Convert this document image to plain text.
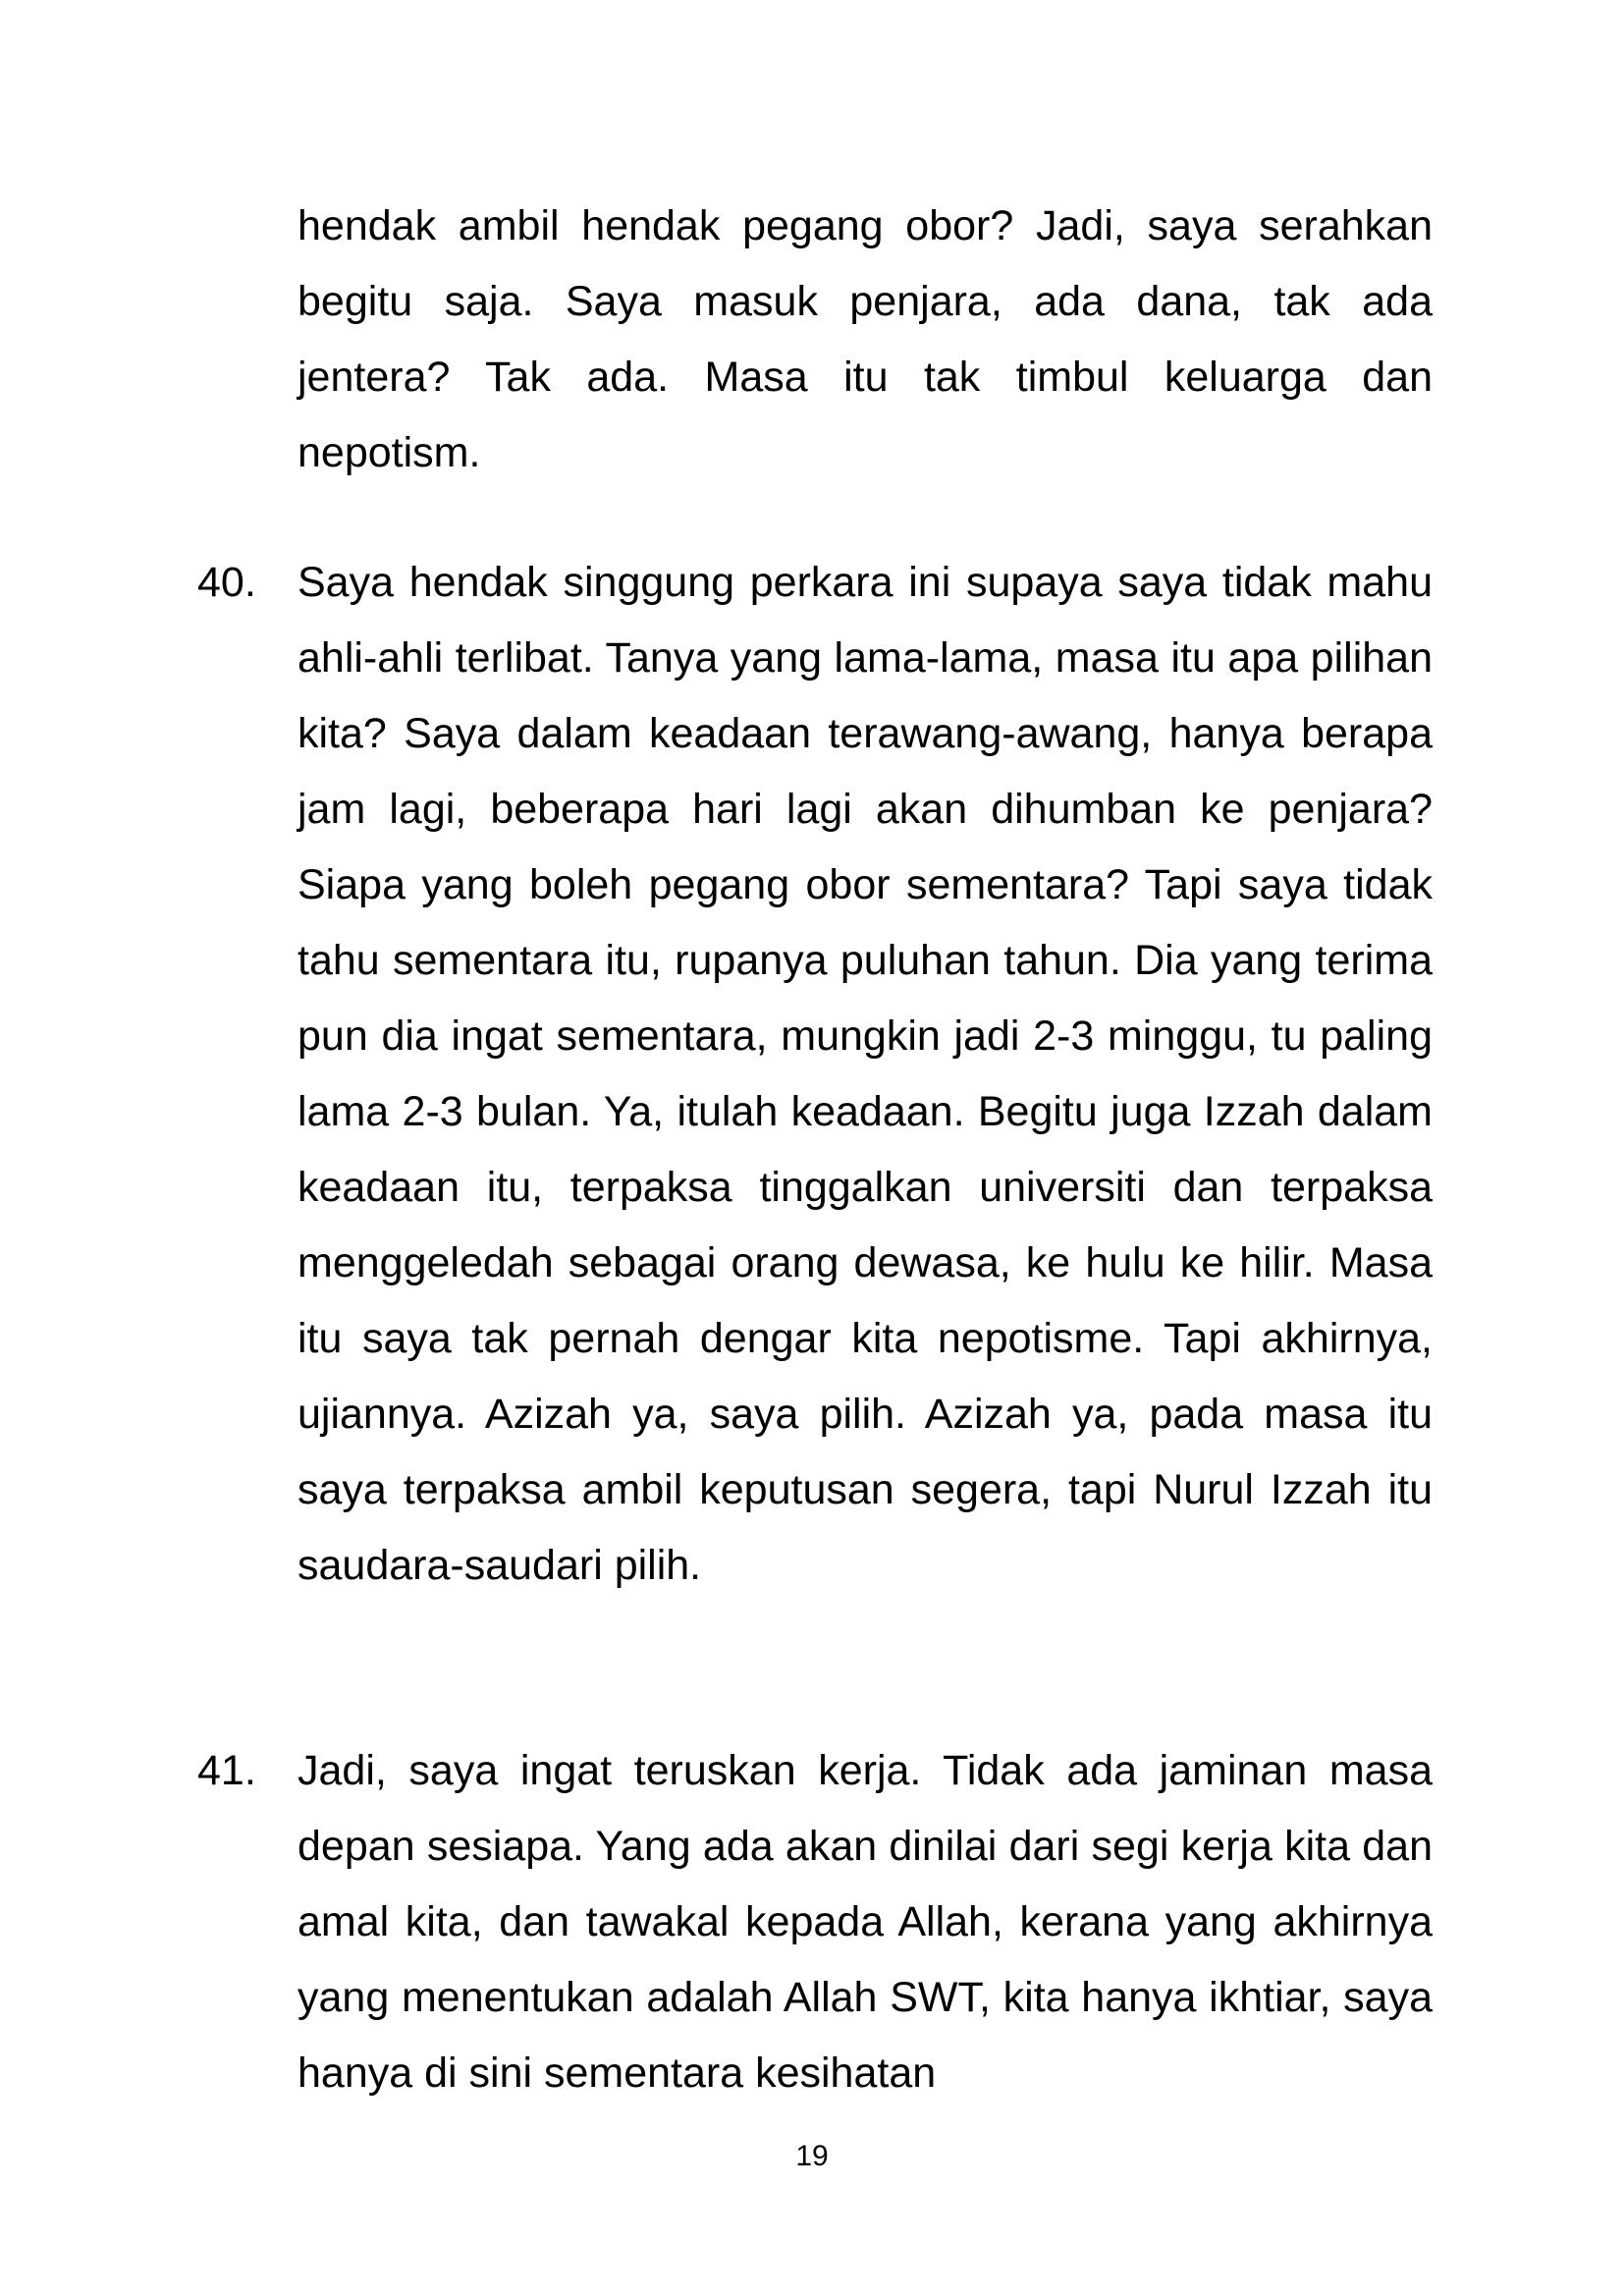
hendak ambil hendak pegang obor? Jadi, saya serahkan begitu saja. Saya masuk penjara, ada dana, tak ada jentera? Tak ada. Masa itu tak timbul keluarga dan nepotism.

40. Saya hendak singgung perkara ini supaya saya tidak mahu ahli-ahli terlibat. Tanya yang lama-lama, masa itu apa pilihan kita? Saya dalam keadaan terawang-awang, hanya berapa jam lagi, beberapa hari lagi akan dihumban ke penjara? Siapa yang boleh pegang obor sementara? Tapi saya tidak tahu sementara itu, rupanya puluhan tahun. Dia yang terima pun dia ingat sementara, mungkin jadi 2-3 minggu, tu paling lama 2-3 bulan. Ya, itulah keadaan. Begitu juga Izzah dalam keadaan itu, terpaksa tinggalkan universiti dan terpaksa menggeledah sebagai orang dewasa, ke hulu ke hilir. Masa itu saya tak pernah dengar kita nepotisme. Tapi akhirnya, ujiannya. Azizah ya, saya pilih. Azizah ya, pada masa itu saya terpaksa ambil keputusan segera, tapi Nurul Izzah itu saudara-saudari pilih.

41. Jadi, saya ingat teruskan kerja. Tidak ada jaminan masa depan sesiapa. Yang ada akan dinilai dari segi kerja kita dan amal kita, dan tawakal kepada Allah, kerana yang akhirnya yang menentukan adalah Allah SWT, kita hanya ikhtiar, saya hanya di sini sementara kesihatan

19
